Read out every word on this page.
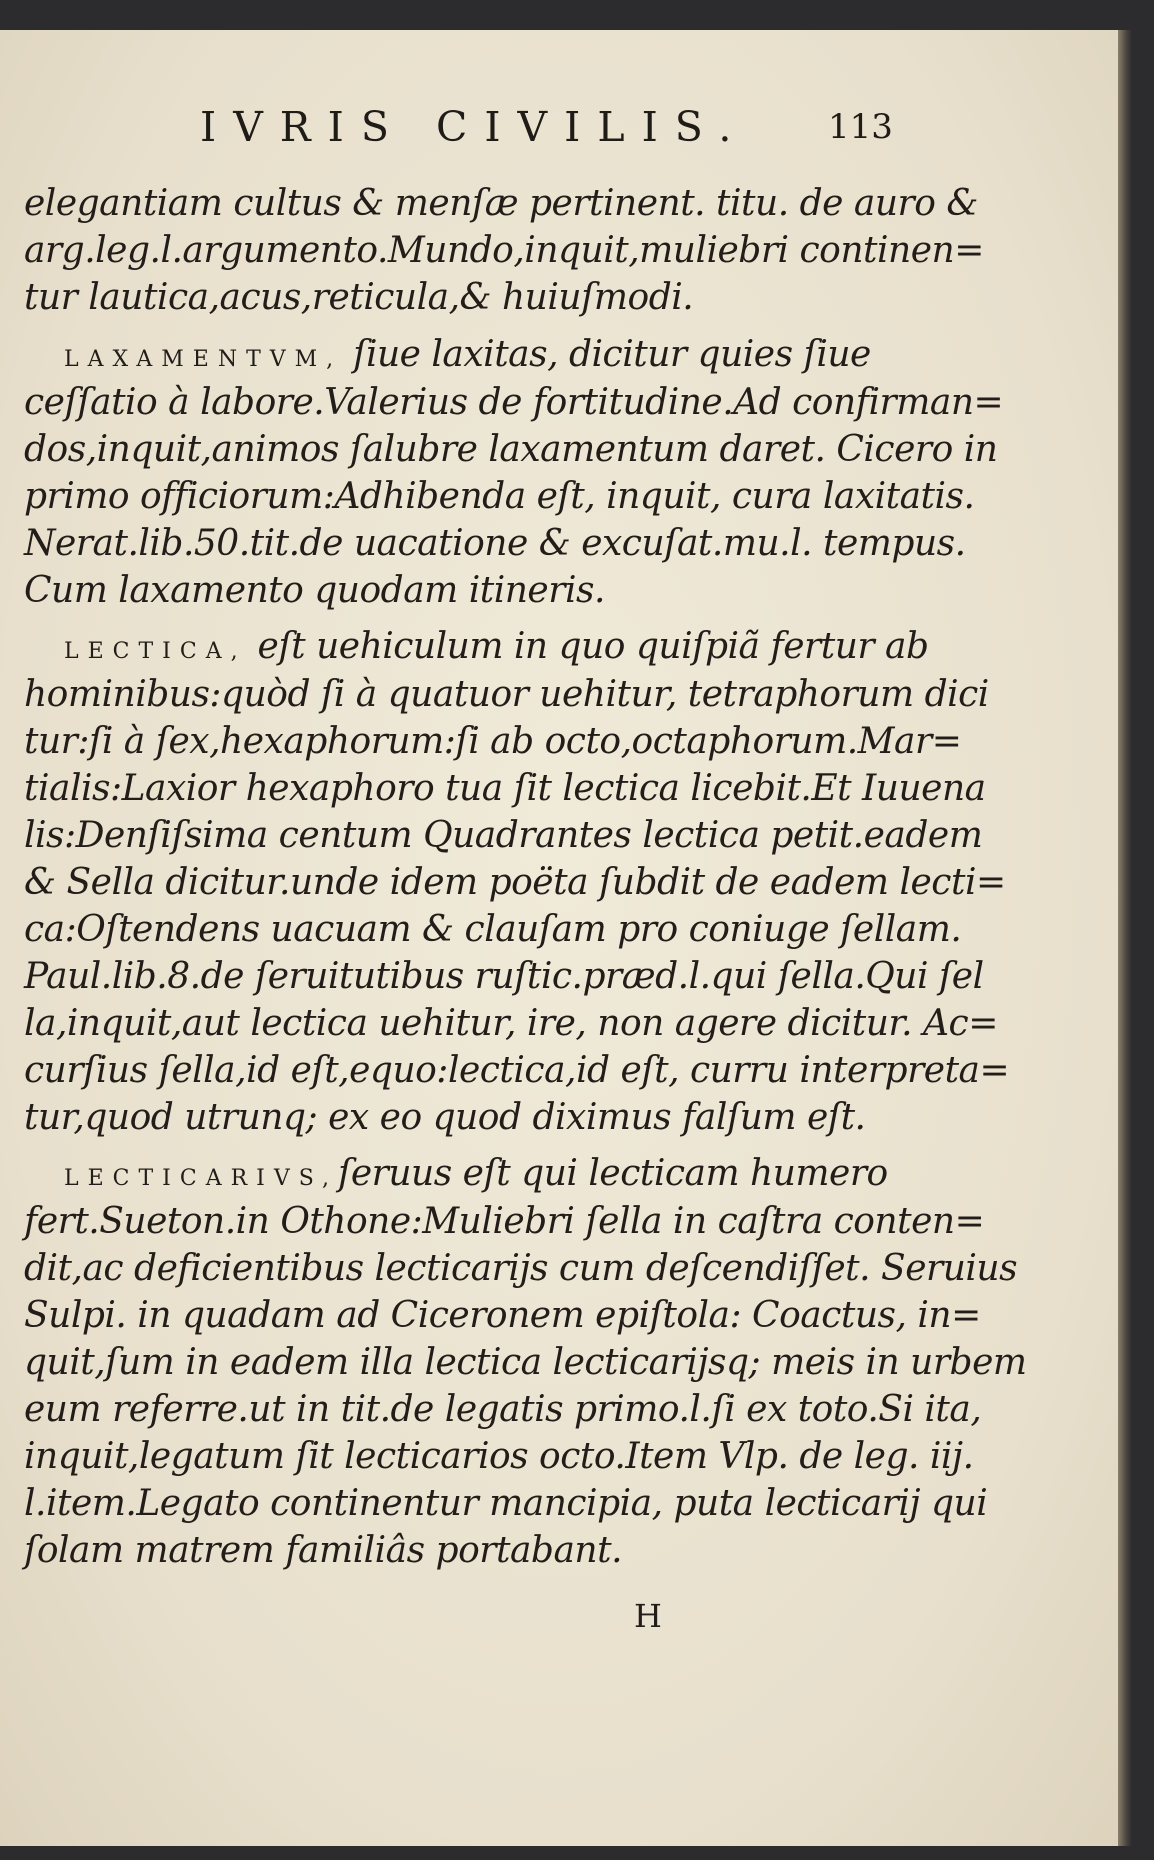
IVRIS CIVILIS. 113
elegantiam cultus & menſæ pertinent. titu. de auro &
arg.leg.l.argumento.Mundo,inquit,muliebri continen=
tur lautica,acus,reticula,& huiuſmodi.
LAXAMENTVM, ſiue laxitas, dicitur quies ſiue
ceſſatio à labore.Valerius de fortitudine.Ad confirman=
dos,inquit,animos ſalubre laxamentum daret. Cicero in
primo officiorum:Adhibenda eſt, inquit, cura laxitatis.
Nerat.lib.50.tit.de uacatione & excuſat.mu.l. tempus.
Cum laxamento quodam itineris.
LECTICA, eſt uehiculum in quo quiſpiã fertur ab
hominibus:quòd ſi à quatuor uehitur, tetraphorum dici
tur:ſi à ſex,hexaphorum:ſi ab octo,octaphorum.Mar=
tialis:Laxior hexaphoro tua ſit lectica licebit.Et Iuuena
lis:Denſiſsima centum Quadrantes lectica petit.eadem
& Sella dicitur.unde idem poëta ſubdit de eadem lecti=
ca:Oſtendens uacuam & clauſam pro coniuge ſellam.
Paul.lib.8.de ſeruitutibus ruſtic.præd.l.qui ſella.Qui ſel
la,inquit,aut lectica uehitur, ire, non agere dicitur. Ac=
curſius ſella,id eſt,equo:lectica,id eſt, curru interpreta=
tur,quod utrunq; ex eo quod diximus falſum eſt.
LECTICARIVS,ſeruus eſt qui lecticam humero
fert.Sueton.in Othone:Muliebri ſella in caſtra conten=
dit,ac deficientibus lecticarijs cum deſcendiſſet. Seruius
Sulpi. in quadam ad Ciceronem epiſtola: Coactus, in=
quit,ſum in eadem illa lectica lecticarijsq; meis in urbem
eum referre.ut in tit.de legatis primo.l.ſi ex toto.Si ita,
inquit,legatum ſit lecticarios octo.Item Vlp. de leg. iij.
l.item.Legato continentur mancipia, puta lecticarij qui
ſolam matrem familiâs portabant.
H
